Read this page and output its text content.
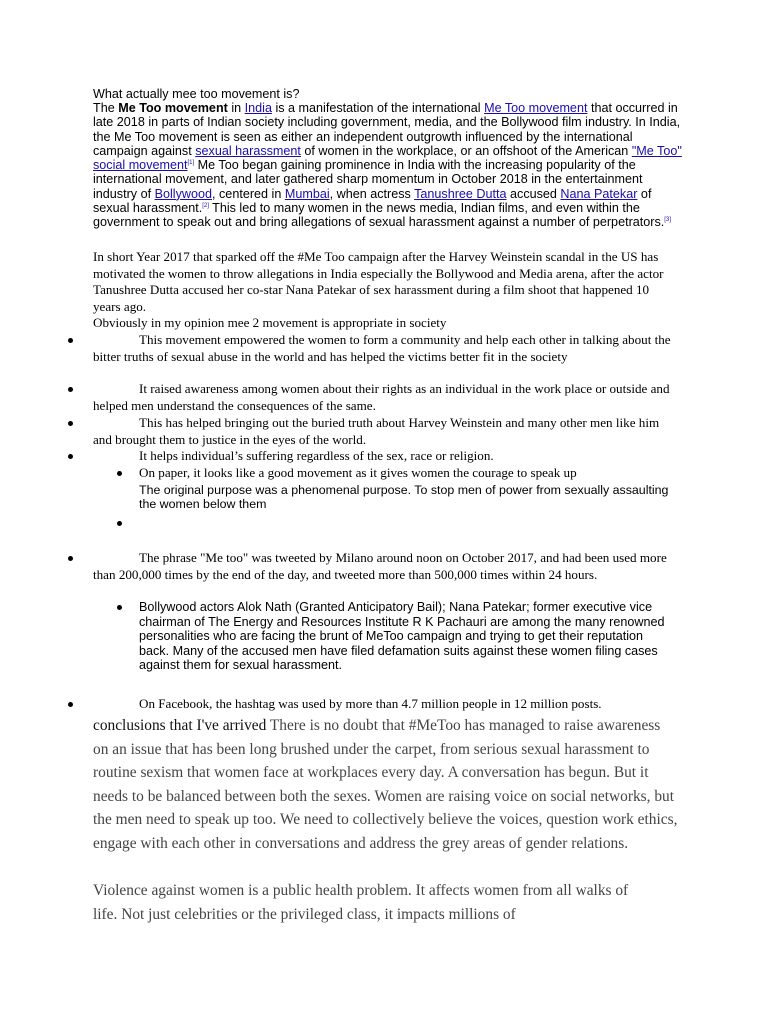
What actually mee too movement is?
The Me Too movement in India is a manifestation of the international Me Too movement that occurred in late 2018 in parts of Indian society including government, media, and the Bollywood film industry. In India, the Me Too movement is seen as either an independent outgrowth influenced by the international campaign against sexual harassment of women in the workplace, or an offshoot of the American "Me Too" social movement[1] Me Too began gaining prominence in India with the increasing popularity of the international movement, and later gathered sharp momentum in October 2018 in the entertainment industry of Bollywood, centered in Mumbai, when actress Tanushree Dutta accused Nana Patekar of sexual harassment.[2] This led to many women in the news media, Indian films, and even within the government to speak out and bring allegations of sexual harassment against a number of perpetrators.[3]
In short Year 2017 that sparked off the #Me Too campaign after the Harvey Weinstein scandal in the US has motivated the women to throw allegations in India especially the Bollywood and Media arena, after the actor Tanushree Dutta accused her co-star Nana Patekar of sex harassment during a film shoot that happened 10 years ago.
Obviously in my opinion mee 2 movement is appropriate in society
This movement empowered the women to form a community and help each other in talking about the bitter truths of sexual abuse in the world and has helped the victims better fit in the society
It raised awareness among women about their rights as an individual in the work place or outside and helped men understand the consequences of the same.
This has helped bringing out the buried truth about Harvey Weinstein and many other men like him and brought them to justice in the eyes of the world.
It helps individual’s suffering regardless of the sex, race or religion.
On paper, it looks like a good movement as it gives women the courage to speak up
The original purpose was a phenomenal purpose. To stop men of power from sexually assaulting the women below them
The phrase "Me too" was tweeted by Milano around noon on October 2017, and had been used more than 200,000 times by the end of the day, and tweeted more than 500,000 times within 24 hours.
Bollywood actors Alok Nath (Granted Anticipatory Bail); Nana Patekar; former executive vice chairman of The Energy and Resources Institute R K Pachauri are among the many renowned personalities who are facing the brunt of MeToo campaign and trying to get their reputation back. Many of the accused men have filed defamation suits against these women filing cases against them for sexual harassment.
On Facebook, the hashtag was used by more than 4.7 million people in 12 million posts.
conclusions that I've arrived There is no doubt that #MeToo has managed to raise awareness on an issue that has been long brushed under the carpet, from serious sexual harassment to routine sexism that women face at workplaces every day. A conversation has begun. But it needs to be balanced between both the sexes. Women are raising voice on social networks, but the men need to speak up too. We need to collectively believe the voices, question work ethics, engage with each other in conversations and address the grey areas of gender relations.
Violence against women is a public health problem. It affects women from all walks of life. Not just celebrities or the privileged class, it impacts millions of
